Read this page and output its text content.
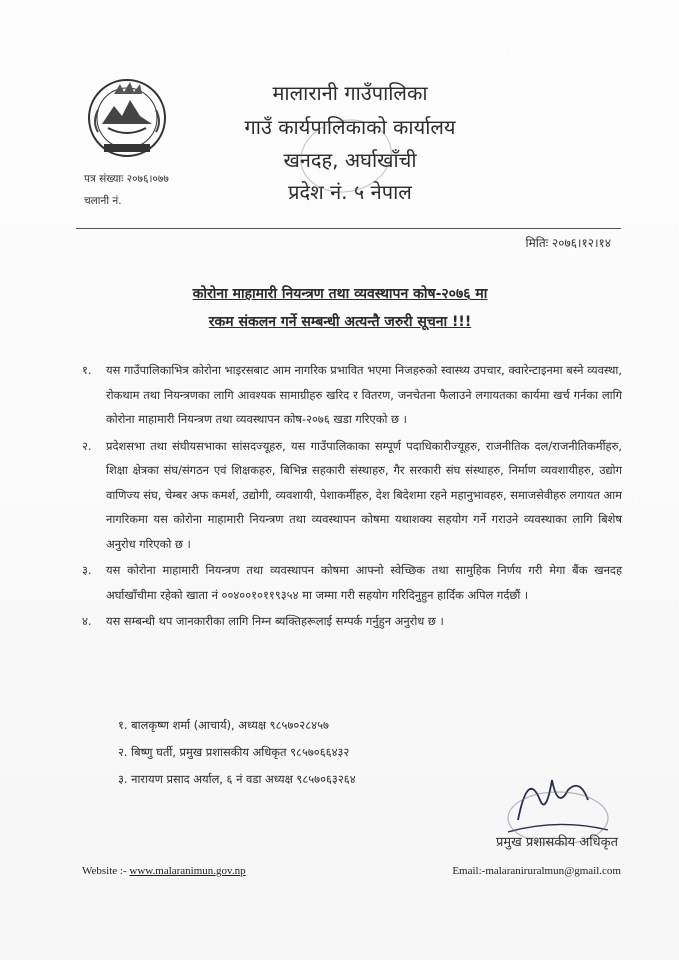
पत्र संख्याः २०७६।०७७
चलानी नं.
मालारानी गाउँपालिका
गाउँ कार्यपालिकाको कार्यालय
खनदह, अर्घाखाँची
प्रदेश नं. ५ नेपाल
मितिः २०७६।१२।१४
कोरोना माहामारी नियन्त्रण तथा व्यवस्थापन कोष-२०७६ मा
रकम संकलन गर्ने सम्बन्धी अत्यन्तै जरुरी सूचना !!!
१.	यस गाउँपालिकाभित्र कोरोना भाइरसबाट आम नागरिक प्रभावित भएमा निजहरुको स्वास्थ्य उपचार, क्वारेन्टाइनमा बस्ने व्यवस्था, रोकथाम तथा नियन्त्रणका लागि आवश्यक सामाग्रीहरु खरिद र वितरण, जनचेतना फैलाउने लगायतका कार्यमा खर्च गर्नका लागि कोरोना माहामारी नियन्त्रण तथा व्यवस्थापन कोष-२०७६ खडा गरिएको छ ।
२.	प्रदेशसभा तथा संघीयसभाका सांसदज्यूहरु, यस गाउँपालिकाका सम्पूर्ण पदाधिकारीज्यूहरु, राजनीतिक दल/राजनीतिकर्मीहरु, शिक्षा क्षेत्रका संघ/संगठन एवं शिक्षकहरु, बिभिन्न सहकारी संस्थाहरु, गैर सरकारी संघ संस्थाहरु, निर्माण व्यवशायीहरु, उद्योग वाणिज्य संघ, चेम्बर अफ कमर्श, उद्योगी, व्यवशायी, पेशाकर्मीहरु, देश बिदेशमा रहने महानुभावहरु, समाजसेवीहरु लगायत आम नागरिकमा यस कोरोना माहामारी नियन्त्रण तथा व्यवस्थापन कोषमा यथाशक्य सहयोग गर्ने गराउने व्यवस्थाका लागि बिशेष अनुरोध गरिएको छ ।
३.	यस कोरोना माहामारी नियन्त्रण तथा व्यवस्थापन कोषमा आफ्नो स्वेच्छिक तथा सामुहिक निर्णय गरी मेगा बैंक खनदह अर्घाखाँचीमा रहेको खाता नं ००४००१०११९३५४ मा जम्मा गरी सहयोग गरिदिनुहुन हार्दिक अपिल गर्दछौं ।
४.	यस सम्बन्धी थप जानकारीका लागि निम्न ब्यक्तिहरूलाई सम्पर्क गर्नुहुन अनुरोध छ ।
१. बालकृष्ण शर्मा (आचार्य), अध्यक्ष ९८५७०२८४५७
२. बिष्णु घर्ती, प्रमुख प्रशासकीय अधिकृत ९८५७०६६४३२
३. नारायण प्रसाद अर्याल, ६ नं वडा अध्यक्ष ९८५७०६३२६४
प्रमुख प्रशासकीय अधिकृत
Website :- www.malaranimun.gov.np	Email:-malaraniruralmun@gmail.com
